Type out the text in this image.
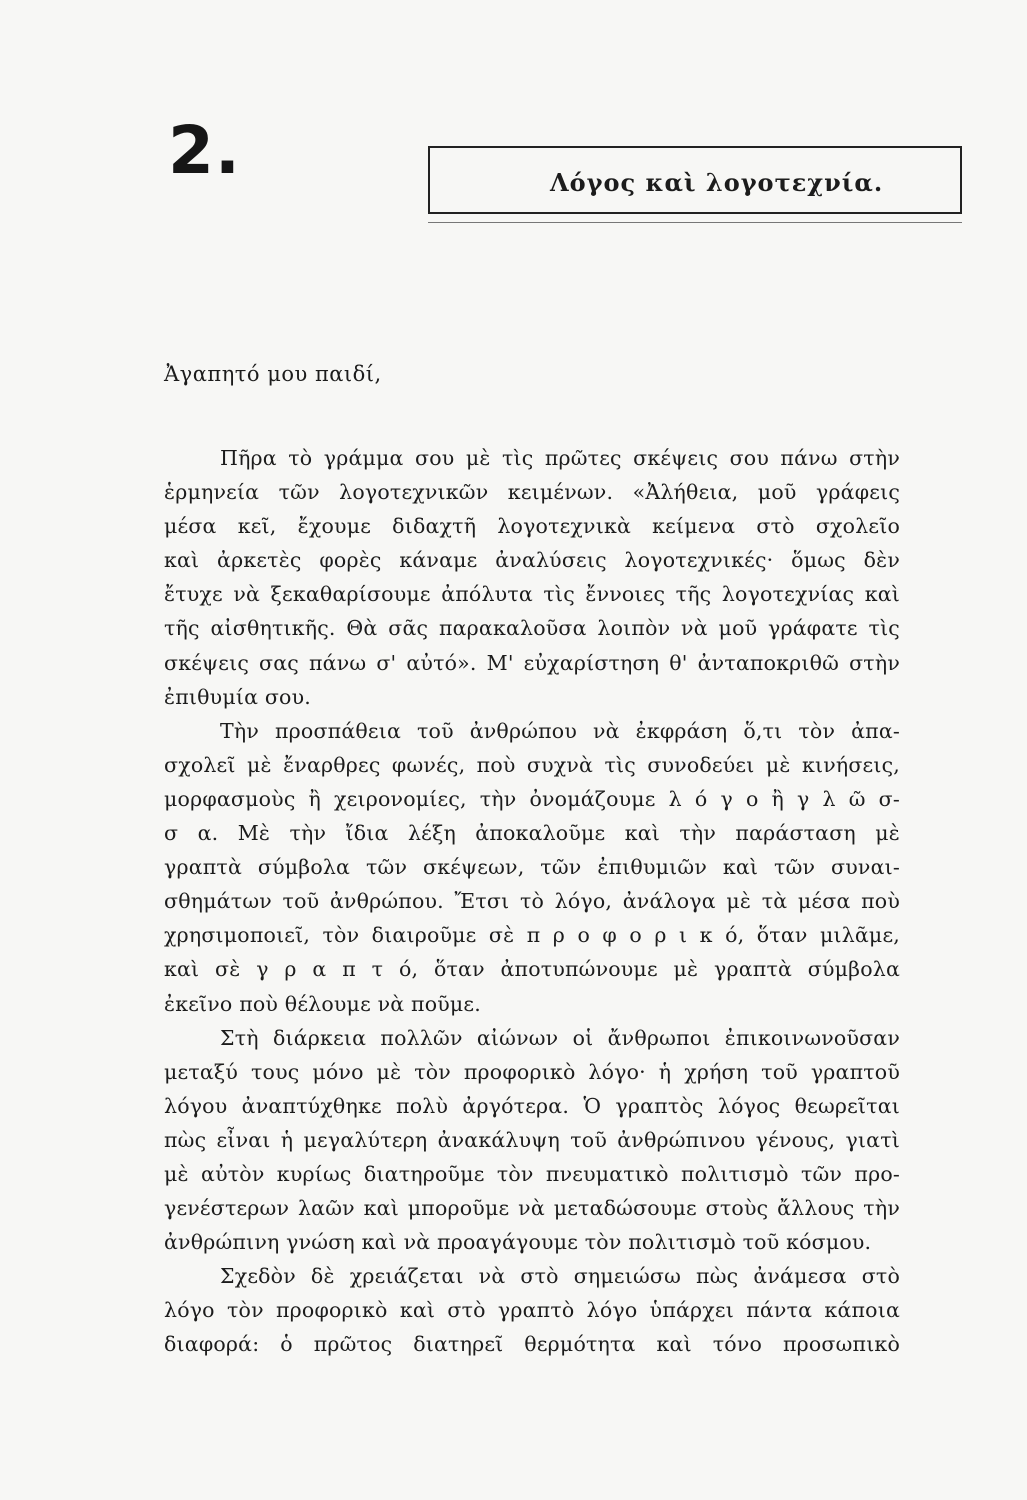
2.	Λόγος καὶ λογοτεχνία.
Ἀγαπητό μου παιδί,
Πῆρα τὸ γράμμα σου μὲ τὶς πρῶτες σκέψεις σου πάνω στὴν
ἑρμηνεία τῶν λογοτεχνικῶν κειμένων. «Ἀλήθεια, μοῦ γράφεις
μέσα κεῖ, ἔχουμε διδαχτῆ λογοτεχνικὰ κείμενα στὸ σχολεῖο
καὶ ἀρκετὲς φορὲς κάναμε ἀναλύσεις λογοτεχνικές· ὅμως δὲν
ἔτυχε νὰ ξεκαθαρίσουμε ἀπόλυτα τὶς ἔννοιες τῆς λογοτεχνίας καὶ
τῆς αἰσθητικῆς. Θὰ σᾶς παρακαλοῦσα λοιπὸν νὰ μοῦ γράφατε τὶς
σκέψεις σας πάνω σ' αὐτό». Μ' εὐχαρίστηση θ' ἀνταποκριθῶ στὴν
ἐπιθυμία σου.
Τὴν προσπάθεια τοῦ ἀνθρώπου νὰ ἐκφράση ὅ,τι τὸν ἀπα-
σχολεῖ μὲ ἔναρθρες φωνές, ποὺ συχνὰ τὶς συνοδεύει μὲ κινήσεις,
μορφασμοὺς ἢ χειρονομίες, τὴν ὀνομάζουμε λ ό γ ο ἢ γ λ ῶ σ-
σ α. Μὲ τὴν ἴδια λέξη ἀποκαλοῦμε καὶ τὴν παράσταση μὲ
γραπτὰ σύμβολα τῶν σκέψεων, τῶν ἐπιθυμιῶν καὶ τῶν συναι-
σθημάτων τοῦ ἀνθρώπου. Ἔτσι τὸ λόγο, ἀνάλογα μὲ τὰ μέσα ποὺ
χρησιμοποιεῖ, τὸν διαιροῦμε σὲ π ρ ο φ ο ρ ι κ ό, ὅταν μιλᾶμε,
καὶ σὲ γ ρ α π τ ό, ὅταν ἀποτυπώνουμε μὲ γραπτὰ σύμβολα
ἐκεῖνο ποὺ θέλουμε νὰ ποῦμε.
Στὴ διάρκεια πολλῶν αἰώνων οἱ ἄνθρωποι ἐπικοινωνοῦσαν
μεταξύ τους μόνο μὲ τὸν προφορικὸ λόγο· ἡ χρήση τοῦ γραπτοῦ
λόγου ἀναπτύχθηκε πολὺ ἀργότερα. Ὁ γραπτὸς λόγος θεωρεῖται
πὼς εἶναι ἡ μεγαλύτερη ἀνακάλυψη τοῦ ἀνθρώπινου γένους, γιατὶ
μὲ αὐτὸν κυρίως διατηροῦμε τὸν πνευματικὸ πολιτισμὸ τῶν προ-
γενέστερων λαῶν καὶ μποροῦμε νὰ μεταδώσουμε στοὺς ἄλλους τὴν
ἀνθρώπινη γνώση καὶ νὰ προαγάγουμε τὸν πολιτισμὸ τοῦ κόσμου.
Σχεδὸν δὲ χρειάζεται νὰ στὸ σημειώσω πὼς ἀνάμεσα στὸ
λόγο τὸν προφορικὸ καὶ στὸ γραπτὸ λόγο ὑπάρχει πάντα κάποια
διαφορά: ὁ πρῶτος διατηρεῖ θερμότητα καὶ τόνο προσωπικὸ
